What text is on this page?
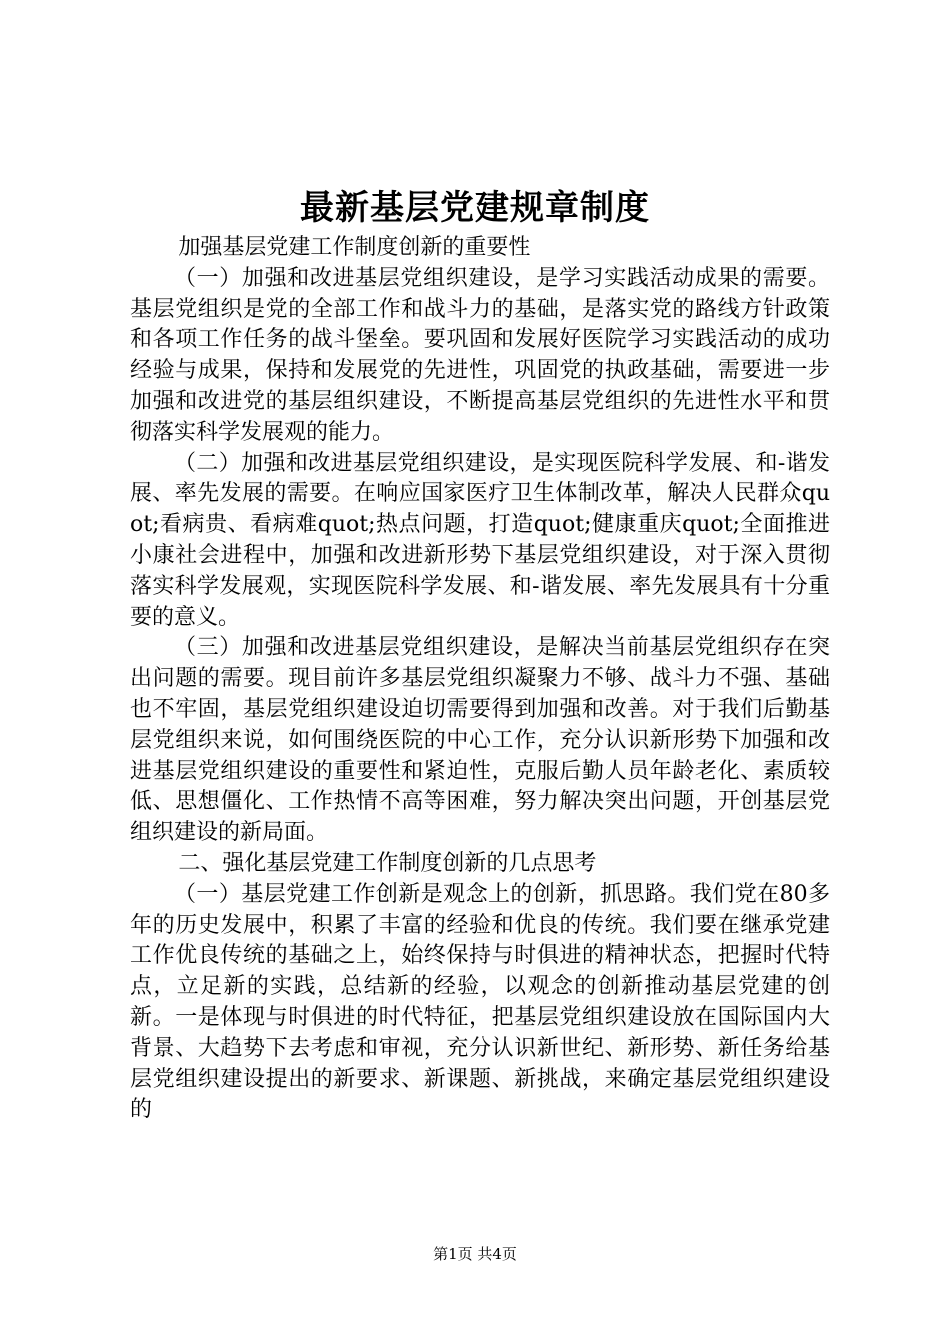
最新基层党建规章制度

加强基层党建工作制度创新的重要性

（一）加强和改进基层党组织建设，是学习实践活动成果的需要。基层党组织是党的全部工作和战斗力的基础，是落实党的路线方针政策和各项工作任务的战斗堡垒。要巩固和发展好医院学习实践活动的成功经验与成果，保持和发展党的先进性，巩固党的执政基础，需要进一步加强和改进党的基层组织建设，不断提高基层党组织的先进性水平和贯彻落实科学发展观的能力。

（二）加强和改进基层党组织建设，是实现医院科学发展、和-谐发展、率先发展的需要。在响应国家医疗卫生体制改革，解决人民群众quot;看病贵、看病难quot;热点问题，打造quot;健康重庆quot;全面推进小康社会进程中，加强和改进新形势下基层党组织建设，对于深入贯彻落实科学发展观，实现医院科学发展、和-谐发展、率先发展具有十分重要的意义。

（三）加强和改进基层党组织建设，是解决当前基层党组织存在突出问题的需要。现目前许多基层党组织凝聚力不够、战斗力不强、基础也不牢固，基层党组织建设迫切需要得到加强和改善。对于我们后勤基层党组织来说，如何围绕医院的中心工作，充分认识新形势下加强和改进基层党组织建设的重要性和紧迫性，克服后勤人员年龄老化、素质较低、思想僵化、工作热情不高等困难，努力解决突出问题，开创基层党组织建设的新局面。

二、强化基层党建工作制度创新的几点思考

（一）基层党建工作创新是观念上的创新，抓思路。我们党在80多年的历史发展中，积累了丰富的经验和优良的传统。我们要在继承党建工作优良传统的基础之上，始终保持与时俱进的精神状态，把握时代特点，立足新的实践，总结新的经验，以观念的创新推动基层党建的创新。一是体现与时俱进的时代特征，把基层党组织建设放在国际国内大背景、大趋势下去考虑和审视，充分认识新世纪、新形势、新任务给基层党组织建设提出的新要求、新课题、新挑战，来确定基层党组织建设的

第1页 共4页
